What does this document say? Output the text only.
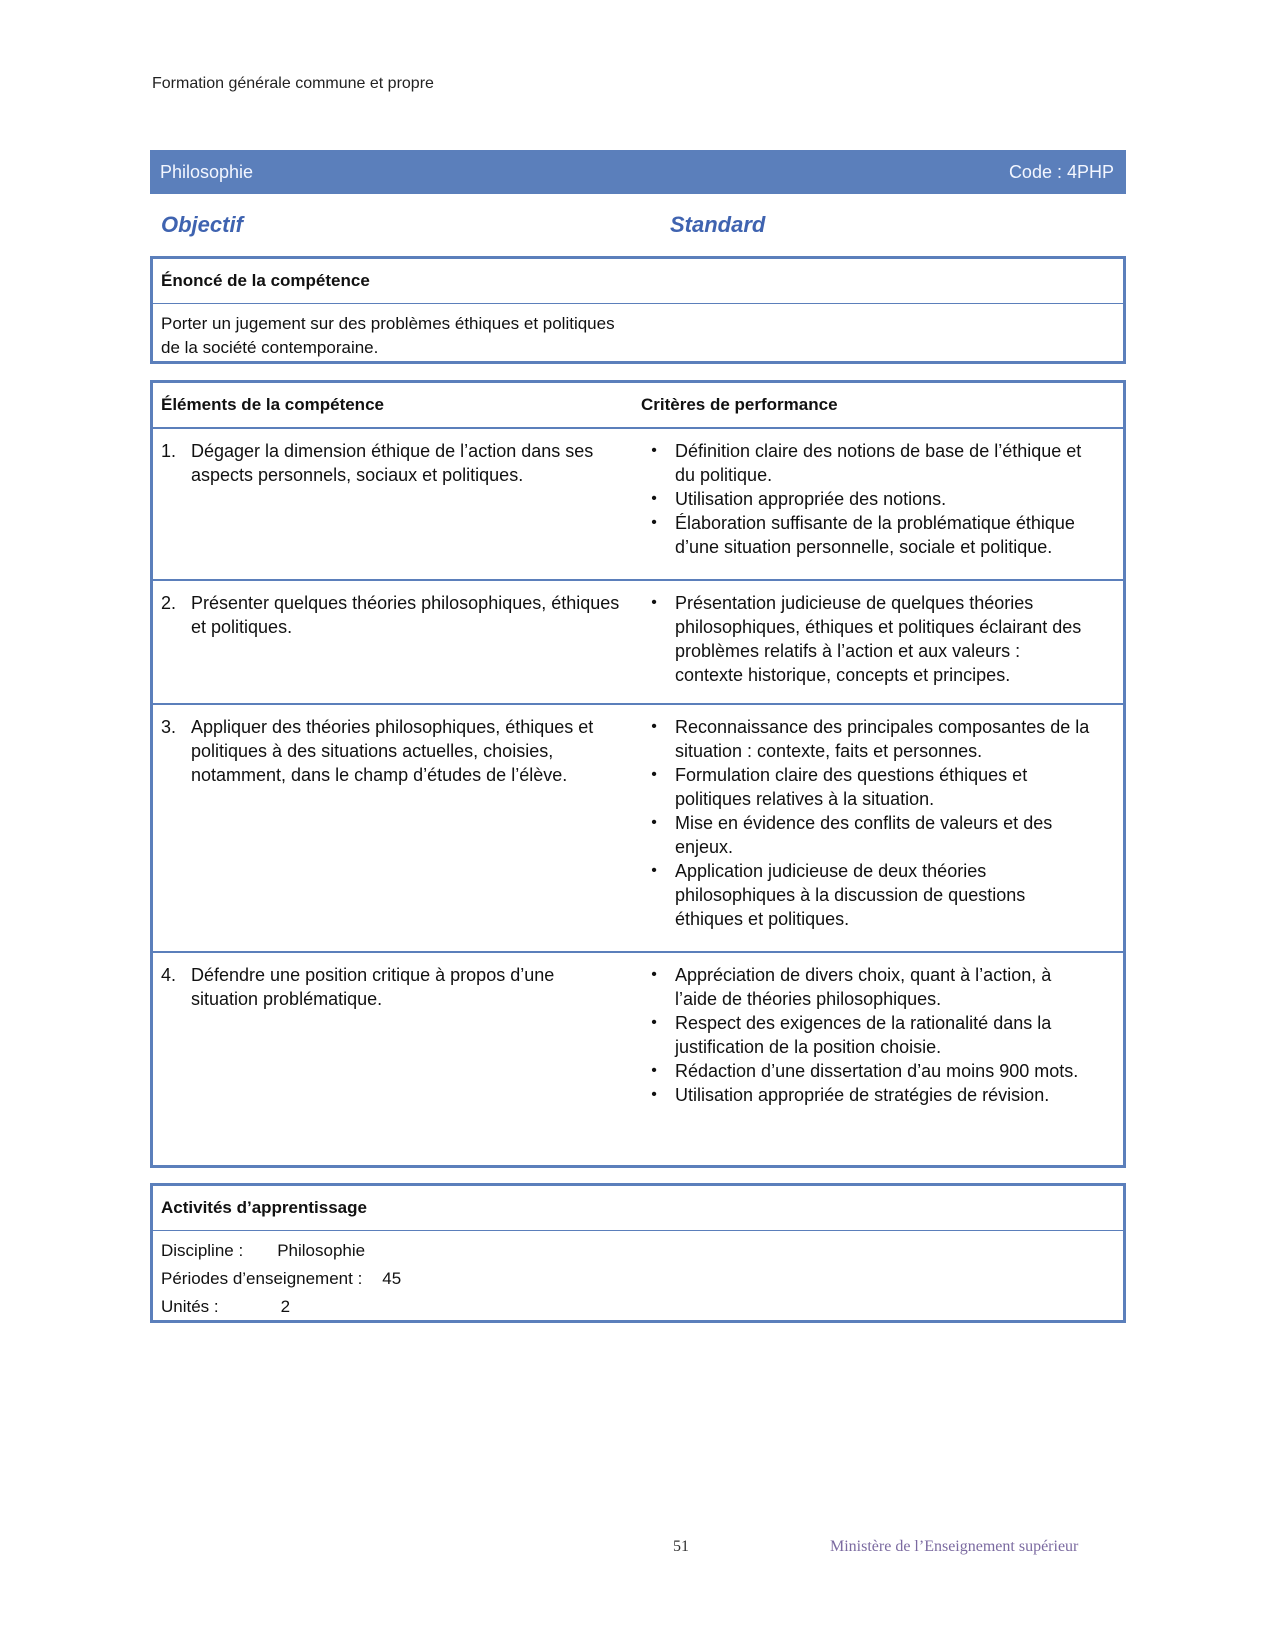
Formation générale commune et propre
Philosophie	Code : 4PHP
Objectif	Standard
Énoncé de la compétence
Porter un jugement sur des problèmes éthiques et politiques de la société contemporaine.
Éléments de la compétence	Critères de performance
1. Dégager la dimension éthique de l’action dans ses aspects personnels, sociaux et politiques.
•	Définition claire des notions de base de l’éthique et du politique.
•	Utilisation appropriée des notions.
•	Élaboration suffisante de la problématique éthique d’une situation personnelle, sociale et politique.
2. Présenter quelques théories philosophiques, éthiques et politiques.
•	Présentation judicieuse de quelques théories philosophiques, éthiques et politiques éclairant des problèmes relatifs à l’action et aux valeurs : contexte historique, concepts et principes.
3. Appliquer des théories philosophiques, éthiques et politiques à des situations actuelles, choisies, notamment, dans le champ d’études de l’élève.
•	Reconnaissance des principales composantes de la situation : contexte, faits et personnes.
•	Formulation claire des questions éthiques et politiques relatives à la situation.
•	Mise en évidence des conflits de valeurs et des enjeux.
•	Application judicieuse de deux théories philosophiques à la discussion de questions éthiques et politiques.
4. Défendre une position critique à propos d’une situation problématique.
•	Appréciation de divers choix, quant à l’action, à l’aide de théories philosophiques.
•	Respect des exigences de la rationalité dans la justification de la position choisie.
•	Rédaction d’une dissertation d’au moins 900 mots.
•	Utilisation appropriée de stratégies de révision.
Activités d’apprentissage
Discipline : Philosophie
Périodes d’enseignement : 45
Unités :	2
51	Ministère de l’Enseignement supérieur
